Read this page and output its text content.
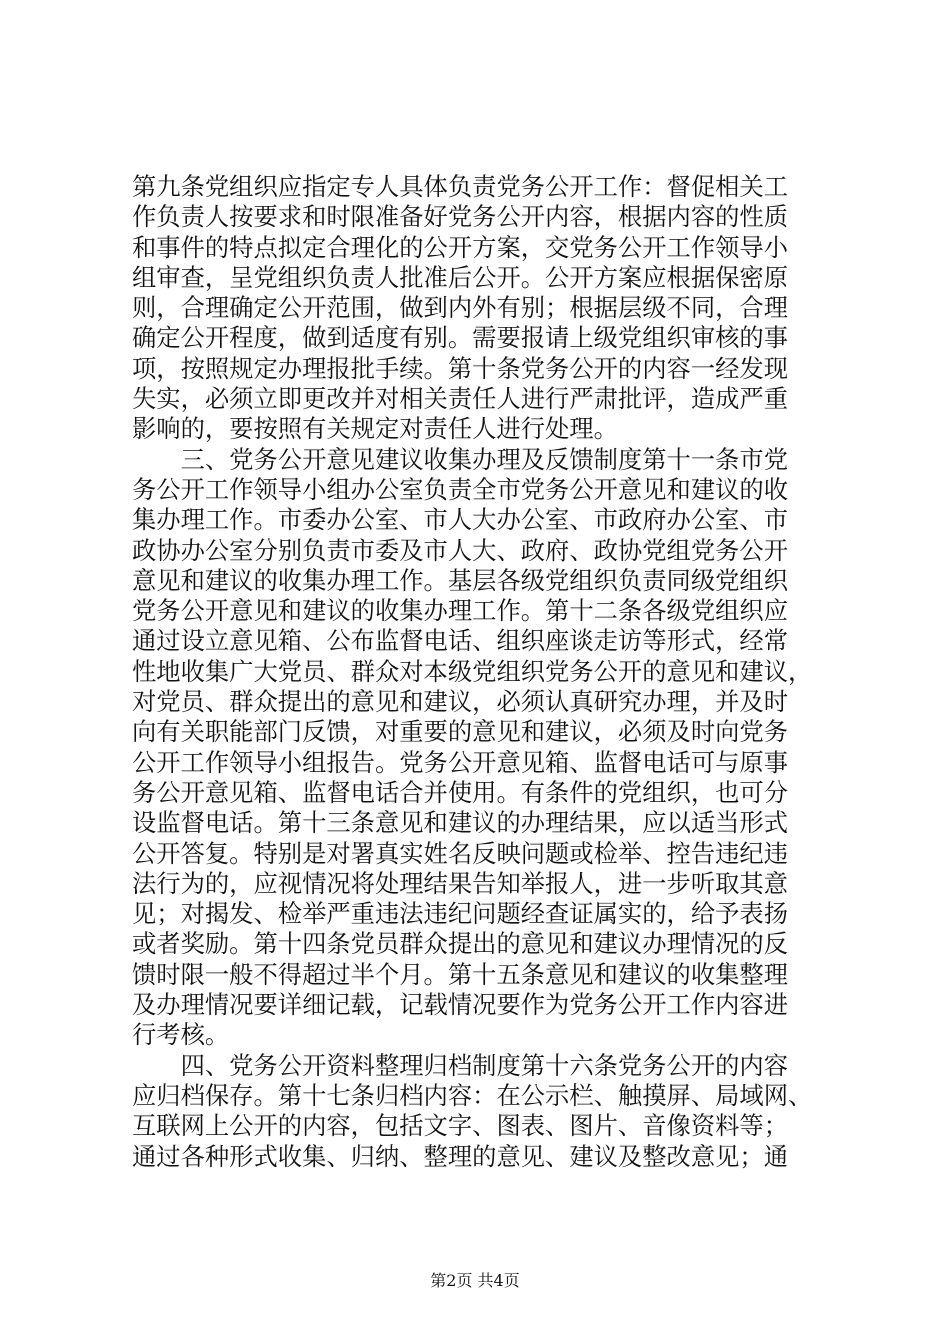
第九条党组织应指定专人具体负责党务公开工作：督促相关工
作负责人按要求和时限准备好党务公开内容，根据内容的性质
和事件的特点拟定合理化的公开方案，交党务公开工作领导小
组审查，呈党组织负责人批准后公开。公开方案应根据保密原
则，合理确定公开范围，做到内外有别；根据层级不同，合理
确定公开程度，做到适度有别。需要报请上级党组织审核的事
项，按照规定办理报批手续。第十条党务公开的内容一经发现
失实，必须立即更改并对相关责任人进行严肃批评，造成严重
影响的，要按照有关规定对责任人进行处理。
　　三、党务公开意见建议收集办理及反馈制度第十一条市党
务公开工作领导小组办公室负责全市党务公开意见和建议的收
集办理工作。市委办公室、市人大办公室、市政府办公室、市
政协办公室分别负责市委及市人大、政府、政协党组党务公开
意见和建议的收集办理工作。基层各级党组织负责同级党组织
党务公开意见和建议的收集办理工作。第十二条各级党组织应
通过设立意见箱、公布监督电话、组织座谈走访等形式，经常
性地收集广大党员、群众对本级党组织党务公开的意见和建议，
对党员、群众提出的意见和建议，必须认真研究办理，并及时
向有关职能部门反馈，对重要的意见和建议，必须及时向党务
公开工作领导小组报告。党务公开意见箱、监督电话可与原事
务公开意见箱、监督电话合并使用。有条件的党组织，也可分
设监督电话。第十三条意见和建议的办理结果，应以适当形式
公开答复。特别是对署真实姓名反映问题或检举、控告违纪违
法行为的，应视情况将处理结果告知举报人，进一步听取其意
见；对揭发、检举严重违法违纪问题经查证属实的，给予表扬
或者奖励。第十四条党员群众提出的意见和建议办理情况的反
馈时限一般不得超过半个月。第十五条意见和建议的收集整理
及办理情况要详细记载，记载情况要作为党务公开工作内容进
行考核。
　　四、党务公开资料整理归档制度第十六条党务公开的内容
应归档保存。第十七条归档内容：在公示栏、触摸屏、局域网、
互联网上公开的内容，包括文字、图表、图片、音像资料等；
通过各种形式收集、归纳、整理的意见、建议及整改意见；通
第2页 共4页
